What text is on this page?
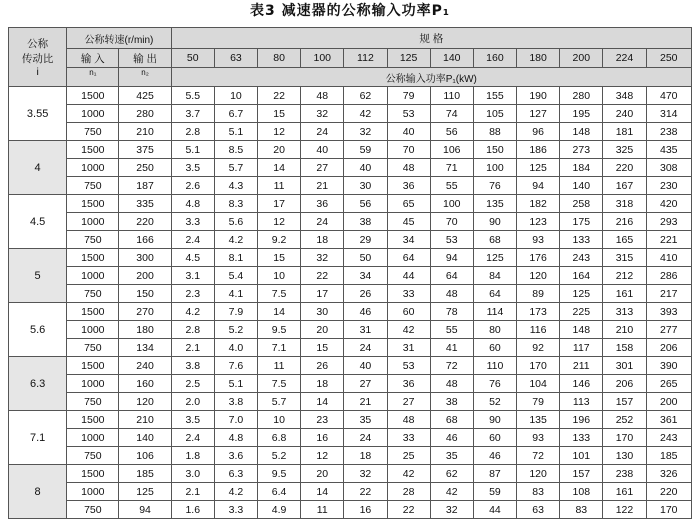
表3 减速器的公称输入功率P₁
公称
传动比
i	公称转速(r/min)		规 格											
	输 入	输 出	50	63	80	100	112	125	140	160	180	200	224	250
	n₁	n₂	公称输入功率P₁(kW)											
3.55	1500	425	5.5	10	22	48	62	79	110	155	190	280	348	470
	1000	280	3.7	6.7	15	32	42	53	74	105	127	195	240	314
	750	210	2.8	5.1	12	24	32	40	56	88	96	148	181	238
4	1500	375	5.1	8.5	20	40	59	70	106	150	186	273	325	435
	1000	250	3.5	5.7	14	27	40	48	71	100	125	184	220	308
	750	187	2.6	4.3	11	21	30	36	55	76	94	140	167	230
4.5	1500	335	4.8	8.3	17	36	56	65	100	135	182	258	318	420
	1000	220	3.3	5.6	12	24	38	45	70	90	123	175	216	293
	750	166	2.4	4.2	9.2	18	29	34	53	68	93	133	165	221
5	1500	300	4.5	8.1	15	32	50	64	94	125	176	243	315	410
	1000	200	3.1	5.4	10	22	34	44	64	84	120	164	212	286
	750	150	2.3	4.1	7.5	17	26	33	48	64	89	125	161	217
5.6	1500	270	4.2	7.9	14	30	46	60	78	114	173	225	313	393
	1000	180	2.8	5.2	9.5	20	31	42	55	80	116	148	210	277
	750	134	2.1	4.0	7.1	15	24	31	41	60	92	117	158	206
6.3	1500	240	3.8	7.6	11	26	40	53	72	110	170	211	301	390
	1000	160	2.5	5.1	7.5	18	27	36	48	76	104	146	206	265
	750	120	2.0	3.8	5.7	14	21	27	38	52	79	113	157	200
7.1	1500	210	3.5	7.0	10	23	35	48	68	90	135	196	252	361
	1000	140	2.4	4.8	6.8	16	24	33	46	60	93	133	170	243
	750	106	1.8	3.6	5.2	12	18	25	35	46	72	101	130	185
8	1500	185	3.0	6.3	9.5	20	32	42	62	87	120	157	238	326
	1000	125	2.1	4.2	6.4	14	22	28	42	59	83	108	161	220
	750	94	1.6	3.3	4.9	11	16	22	32	44	63	83	122	170
